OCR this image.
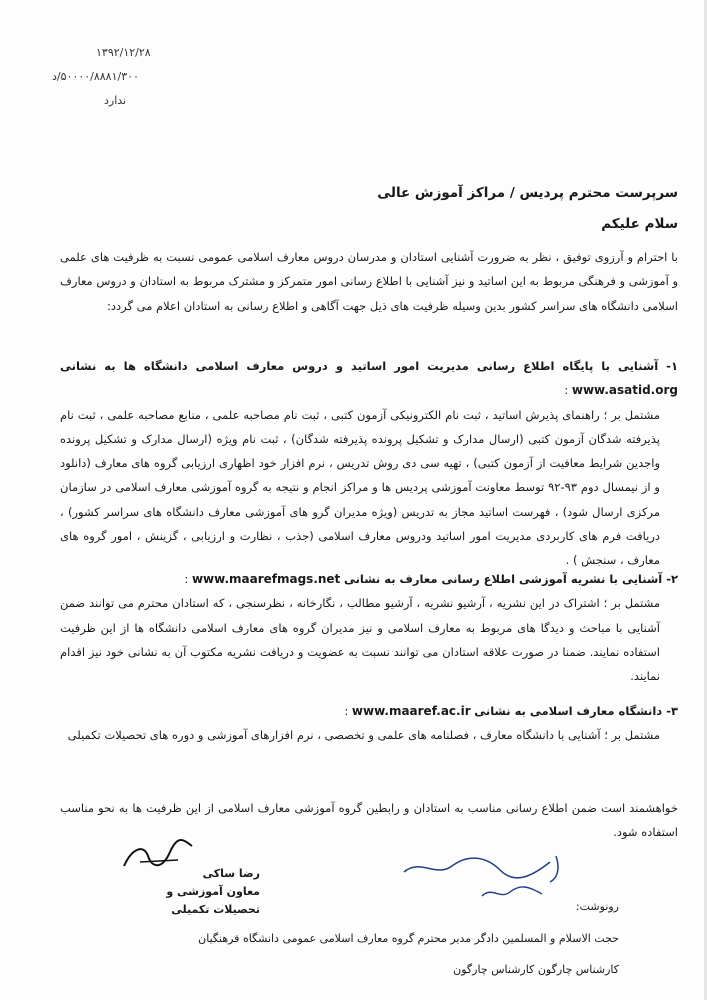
۱۳۹۲/۱۲/۲۸
۵۰۰۰۰/۸۸۸۱/۳۰۰/د
ندارد
سرپرست محترم پردیس / مراکز آموزش عالی
سلام علیکم
با احترام و آرزوی توفیق ، نظر به ضرورت آشنایی استادان و مدرسان دروس معارف اسلامی عمومی نسبت به ظرفیت های علمی و آموزشی و فرهنگی مربوط به این اساتید و نیز آشنایی با اطلاع رسانی امور متمرکز و مشترک مربوط به استادان و دروس معارف اسلامی دانشگاه های سراسر کشور بدین وسیله ظرفیت های ذیل جهت آگاهی و اطلاع رسانی به استادان اعلام می گردد:
۱- آشنایی با پایگاه اطلاع رسانی مدیریت امور اساتید و دروس معارف اسلامی دانشگاه ها به نشانی www.asatid.org :
مشتمل بر ؛ راهنمای پذیرش اساتید ، ثبت نام الکترونیکی آزمون کتبی ، ثبت نام مصاحبه علمی ، منابع مصاحبه علمی ، ثبت نام پذیرفته شدگان آزمون کتبی (ارسال مدارک و تشکیل پرونده پذیرفته شدگان) ، ثبت نام ویژه (ارسال مدارک و تشکیل پرونده واجدین شرایط معافیت از آزمون کتبی) ، تهیه سی دی روش تدریس ، نرم افزار خود اظهاری ارزیابی گروه های معارف (دانلود و از نیمسال دوم ۹۳-۹۲ توسط معاونت آموزشی پردیس ها و مراکز انجام و نتیجه به گروه آموزشی معارف اسلامی در سازمان مرکزی ارسال شود) ، فهرست اساتید مجاز به تدریس (ویژه مدیران گرو های آموزشی معارف دانشگاه های سراسر کشور) ، دریافت فرم های کاربردی مدیریت امور اساتید ودروس معارف اسلامی (جذب ، نظارت و ارزیابی ، گزینش ، امور گروه های معارف ، سنجش ) .
۲- آشنایی با نشریه آموزشی اطلاع رسانی معارف به نشانی www.maarefmags.net :
مشتمل بر ؛ اشتراک در این نشریه ، آرشیو نشریه ، آرشیو مطالب ، نگارخانه ، نظرسنجی ، که استادان محترم می توانند ضمن آشنایی با مباحث و دیدگا های مربوط به معارف اسلامی و نیز مدیران گروه های معارف اسلامی دانشگاه ها از این ظرفیت استفاده نمایند. ضمنا در صورت علاقه استادان می توانند نسبت به عضویت و دریافت نشریه مکتوب آن به نشانی خود نیز اقدام نمایند.
۳- دانشگاه معارف اسلامی به نشانی www.maaref.ac.ir :
مشتمل بر ؛ آشنایی با دانشگاه معارف ، فصلنامه های علمی و تخصصی ، نرم افزارهای آموزشی و دوره های تحصیلات تکمیلی
خواهشمند است ضمن اطلاع رسانی مناسب به استادان و رابطین گروه آموزشی معارف اسلامی از این ظرفیت ها به نحو مناسب استفاده شود.
رضا ساکی
معاون آموزشی و تحصیلات تکمیلی	رونوشت:
حجت الاسلام و المسلمین دادگر مدیر محترم گروه معارف اسلامی عمومی دانشگاه فرهنگیان
کارشناس چارگون کارشناس چارگون
